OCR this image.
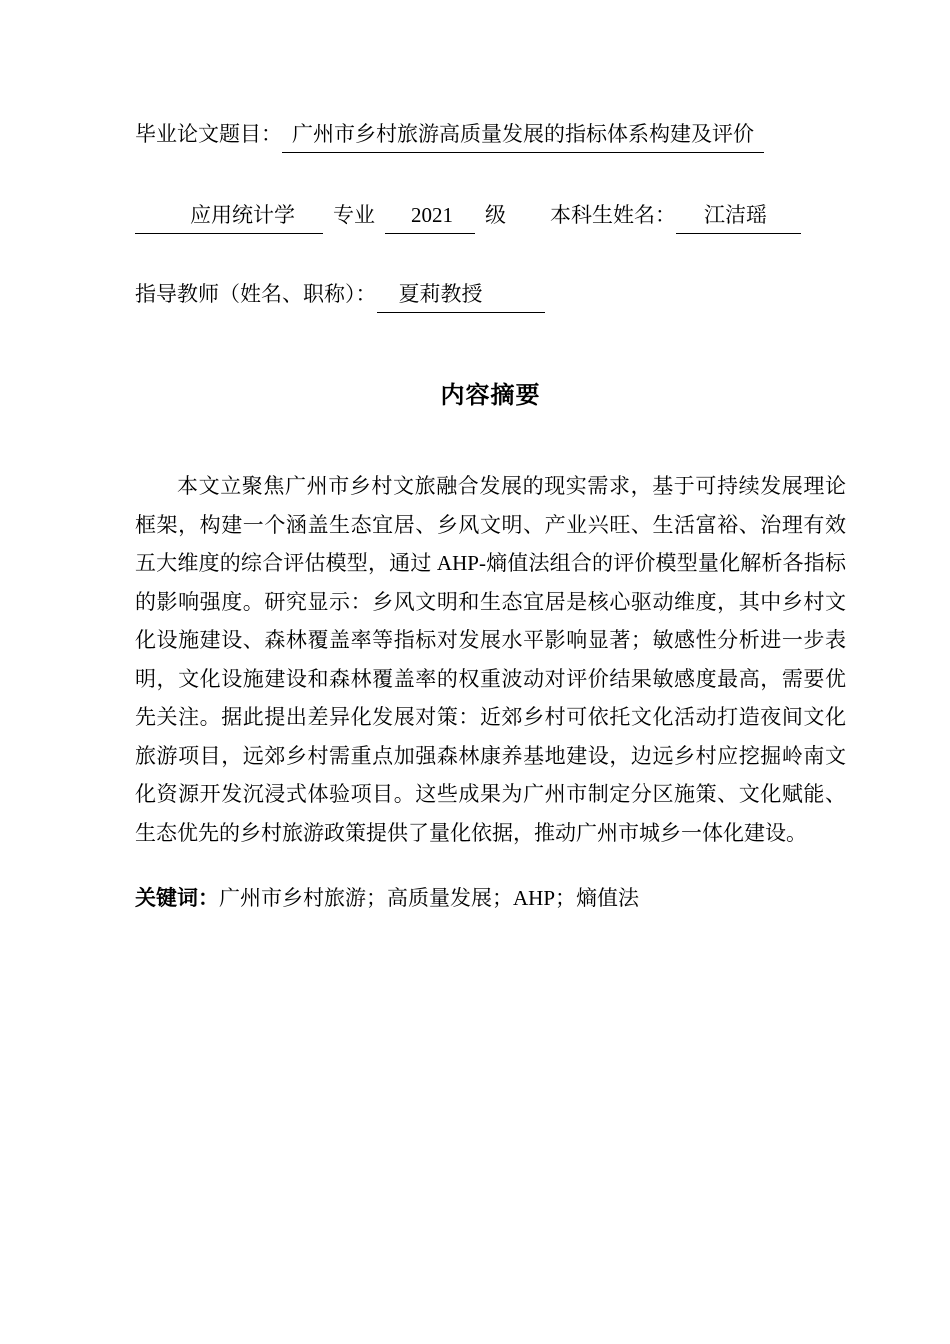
毕业论文题目： 广州市乡村旅游高质量发展的指标体系构建及评价

应用统计学 专业 2021 级 本科生姓名： 江洁瑶

指导教师（姓名、职称）： 夏莉教授

内容摘要

本文立聚焦广州市乡村文旅融合发展的现实需求，基于可持续发展理论框架，构建一个涵盖生态宜居、乡风文明、产业兴旺、生活富裕、治理有效五大维度的综合评估模型，通过 AHP-熵值法组合的评价模型量化解析各指标的影响强度。研究显示：乡风文明和生态宜居是核心驱动维度，其中乡村文化设施建设、森林覆盖率等指标对发展水平影响显著；敏感性分析进一步表明，文化设施建设和森林覆盖率的权重波动对评价结果敏感度最高，需要优先关注。据此提出差异化发展对策：近郊乡村可依托文化活动打造夜间文化旅游项目，远郊乡村需重点加强森林康养基地建设，边远乡村应挖掘岭南文化资源开发沉浸式体验项目。这些成果为广州市制定分区施策、文化赋能、生态优先的乡村旅游政策提供了量化依据，推动广州市城乡一体化建设。

关键词：广州市乡村旅游；高质量发展；AHP；熵值法
